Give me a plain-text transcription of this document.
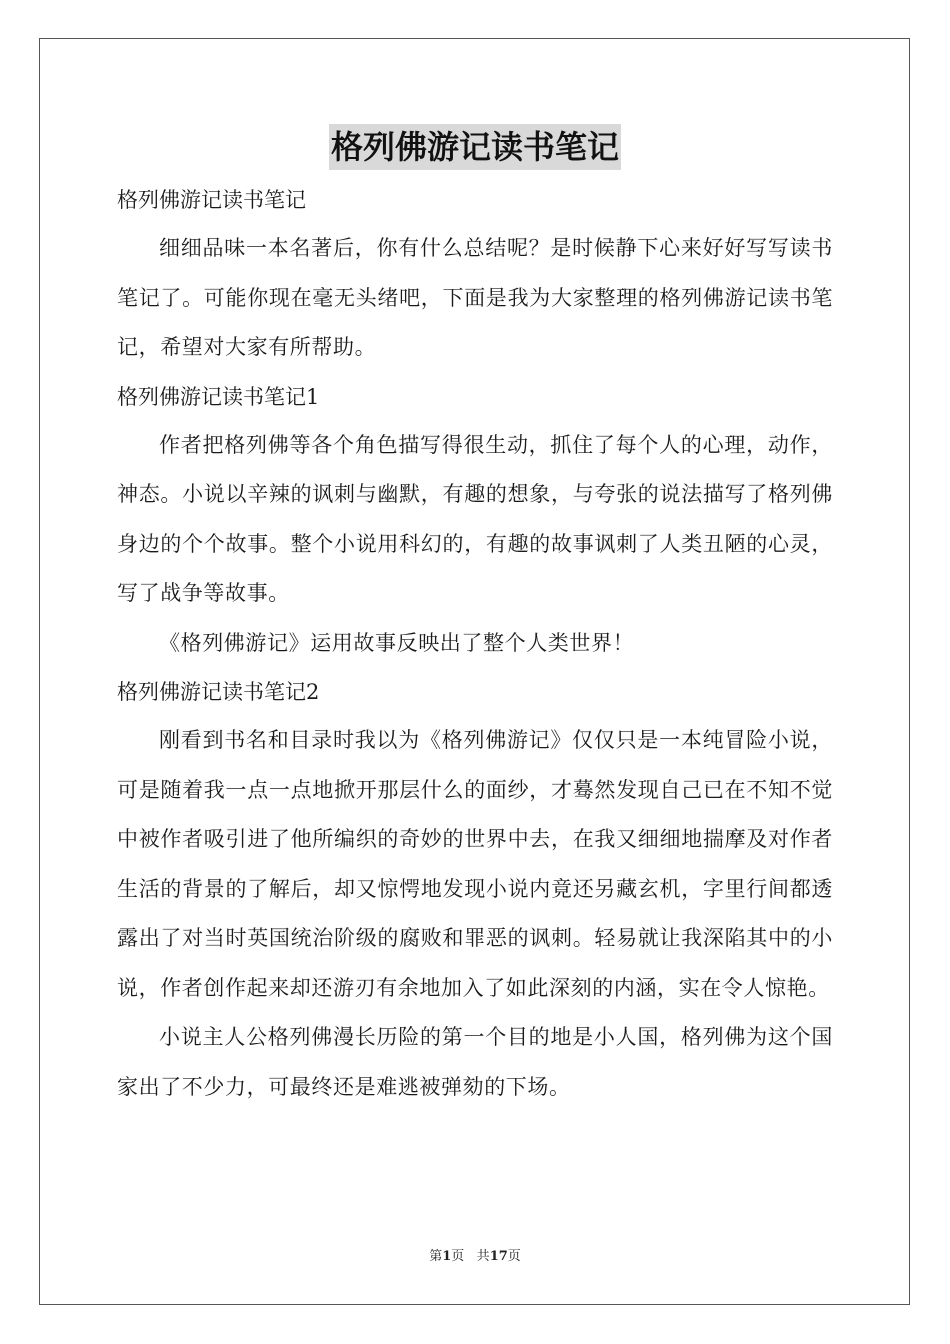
格列佛游记读书笔记

格列佛游记读书笔记

细细品味一本名著后，你有什么总结呢？是时候静下心来好好写写读书笔记了。可能你现在毫无头绪吧，下面是我为大家整理的格列佛游记读书笔记，希望对大家有所帮助。

格列佛游记读书笔记1

作者把格列佛等各个角色描写得很生动，抓住了每个人的心理，动作，神态。小说以辛辣的讽刺与幽默，有趣的想象，与夸张的说法描写了格列佛身边的个个故事。整个小说用科幻的，有趣的故事讽刺了人类丑陋的心灵，写了战争等故事。

《格列佛游记》运用故事反映出了整个人类世界！

格列佛游记读书笔记2

刚看到书名和目录时我以为《格列佛游记》仅仅只是一本纯冒险小说，可是随着我一点一点地掀开那层什么的面纱，才蓦然发现自己已在不知不觉中被作者吸引进了他所编织的奇妙的世界中去，在我又细细地揣摩及对作者生活的背景的了解后，却又惊愕地发现小说内竟还另藏玄机，字里行间都透露出了对当时英国统治阶级的腐败和罪恶的讽刺。轻易就让我深陷其中的小说，作者创作起来却还游刃有余地加入了如此深刻的内涵，实在令人惊艳。

小说主人公格列佛漫长历险的第一个目的地是小人国，格列佛为这个国家出了不少力，可最终还是难逃被弹劾的下场。

第1页 共17页
